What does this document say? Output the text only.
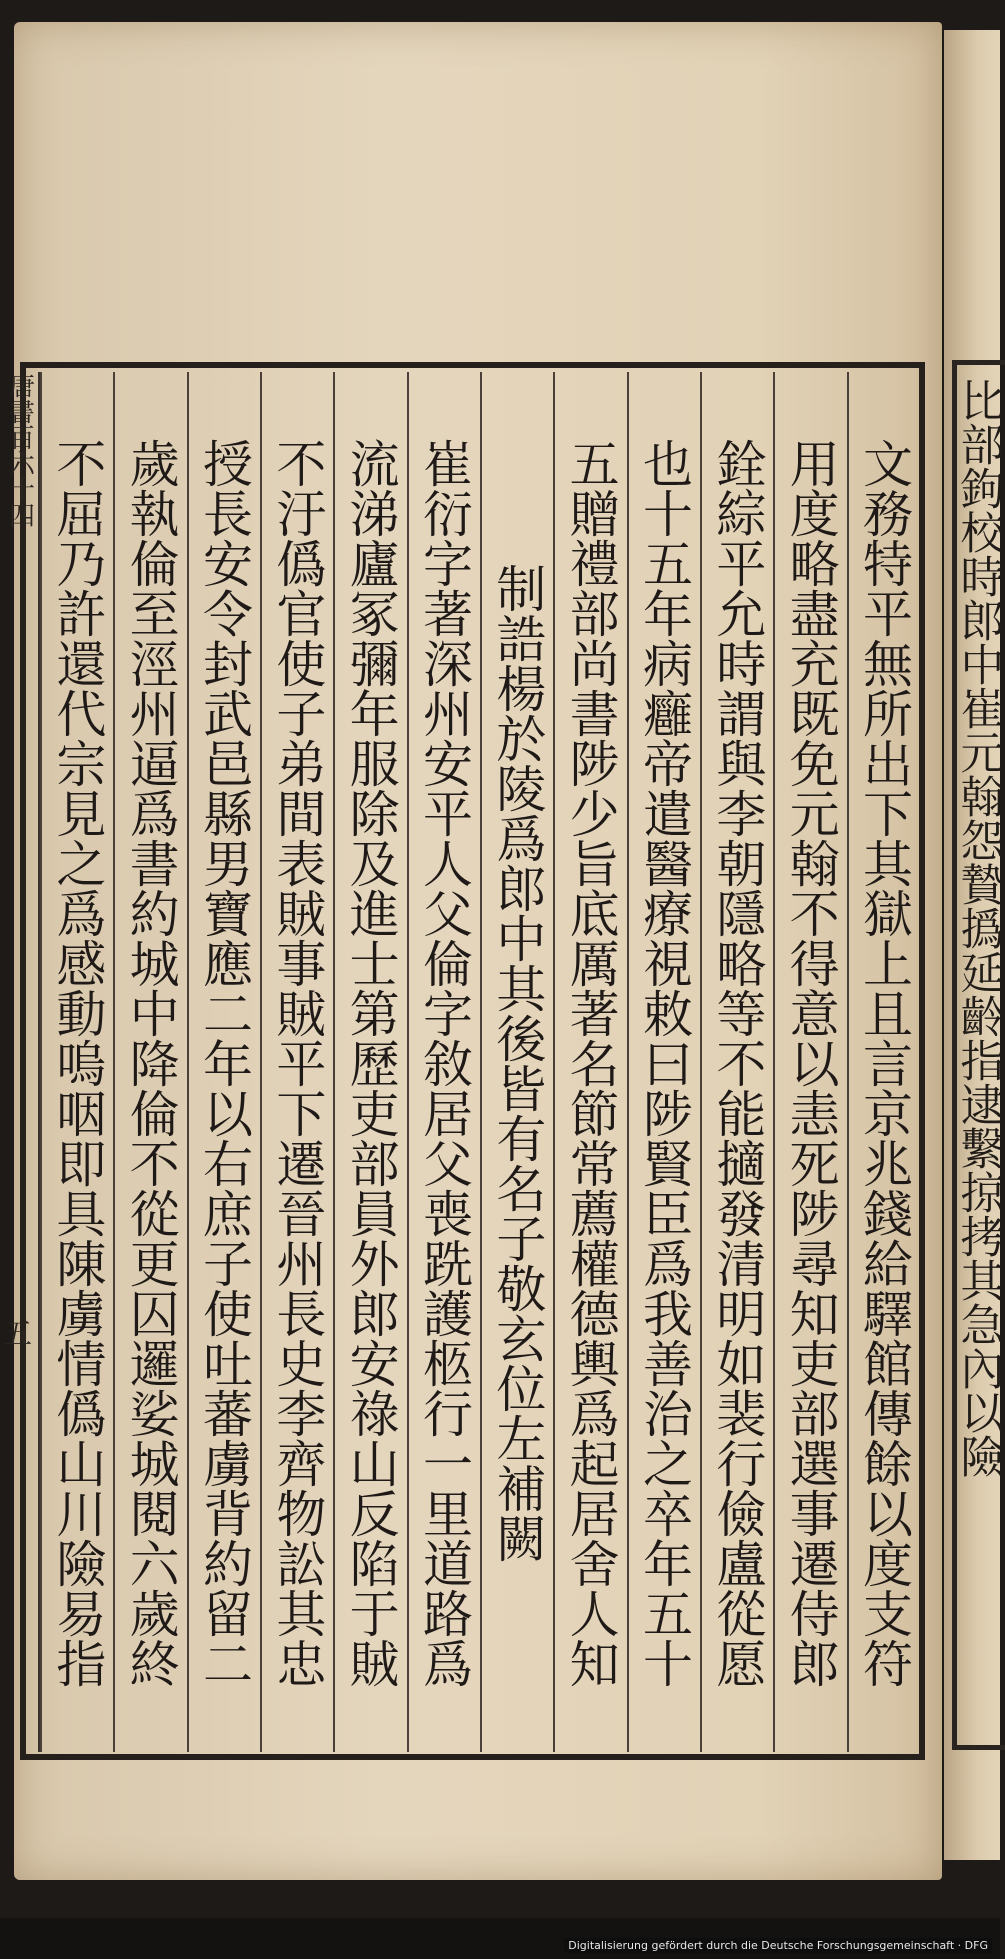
文務特平無所出下其獄上且言京兆錢給驛館傳餘以度支符
用度略盡充既免元翰不得意以恚死陟尋知吏部選事遷侍郎
銓綜平允時謂與李朝隱略等不能擿發清明如裴行儉盧從愿
也十五年病癰帝遣醫療視敕曰陟賢臣爲我善治之卒年五十
五贈禮部尚書陟少旨底厲著名節常薦權德輿爲起居舍人知
制誥楊於陵爲郎中其後皆有名子敬玄位左補闕
崔衍字著深州安平人父倫字敘居父喪跣護柩行一里道路爲
流涕廬冢彌年服除及進士第歷吏部員外郎安祿山反陷于賊
不汙僞官使子弟間表賊事賊平下遷晉州長史李齊物訟其忠
授長安令封武邑縣男寶應二年以右庶子使吐蕃虜背約留二
歲執倫至涇州逼爲書約城中降倫不從更囚邏娑城閱六歲終
不屈乃許還代宗見之爲感動嗚咽即具陳虜情僞山川險易指
唐書百六十四
五	比部鉤校時郎中崔元翰怨贄撝延齡指逮繫掠拷其急內以險
Digitalisierung gefördert durch die Deutsche Forschungsgemeinschaft · DFG
